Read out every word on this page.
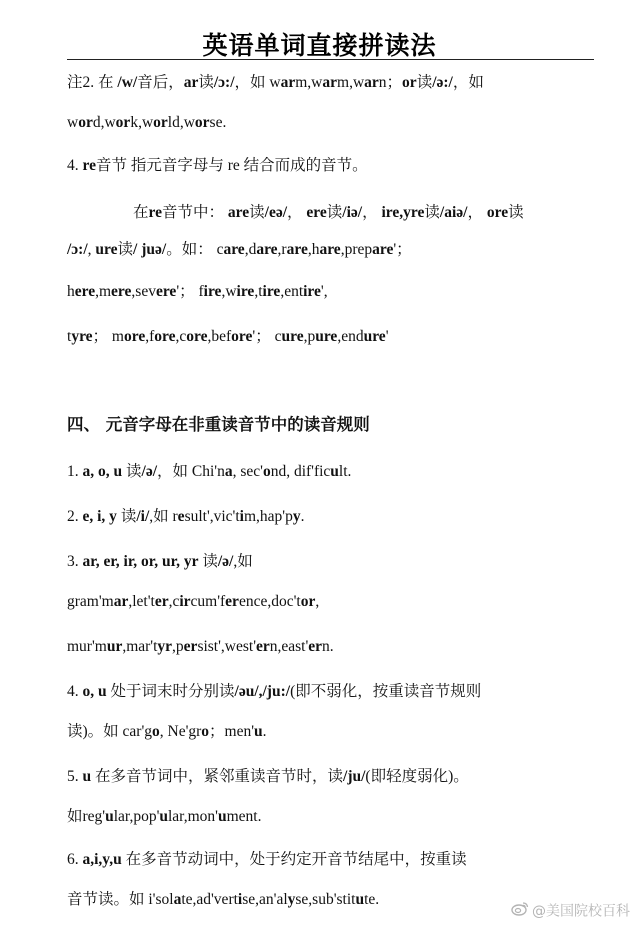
英语单词直接拼读法
注2. 在 /w/音后，ar读/ɔ:/，如 warm,warm,warn；or读/ə:/，如
word,work,world,worse.
4. re音节 指元音字母与 re 结合而成的音节。
在re音节中： are读/eə/， ere读/iə/， ire,yre读/aiə/， ore读
/ɔ:/, ure读/ juə/。如： care,dare,rare,hare,prepare'；
here,mere,severe'； fire,wire,tire,entire',
tyre； more,fore,core,before'； cure,pure,endure'
四、 元音字母在非重读音节中的读音规则
1. a, o, u 读/ə/，如 Chi'na, sec'ond, dif'ficult.
2. e, i, y 读/i/,如 result',vic'tim,hap'py.
3. ar, er, ir, or, ur, yr 读/ə/,如
gram'mar,let'ter,circum'ference,doc'tor,
mur'mur,mar'tyr,persist',west'ern,east'ern.
4. o, u 处于词末时分别读/əu/,/ju:/(即不弱化，按重读音节规则
读)。如 car'go, Ne'gro；men'u.
5. u 在多音节词中，紧邻重读音节时，读/ju/(即轻度弱化)。
如reg'ular,pop'ular,mon'ument.
6. a,i,y,u 在多音节动词中，处于约定开音节结尾中，按重读
音节读。如 i'solate,ad'vertise,an'alyse,sub'stitute.
@美国院校百科
